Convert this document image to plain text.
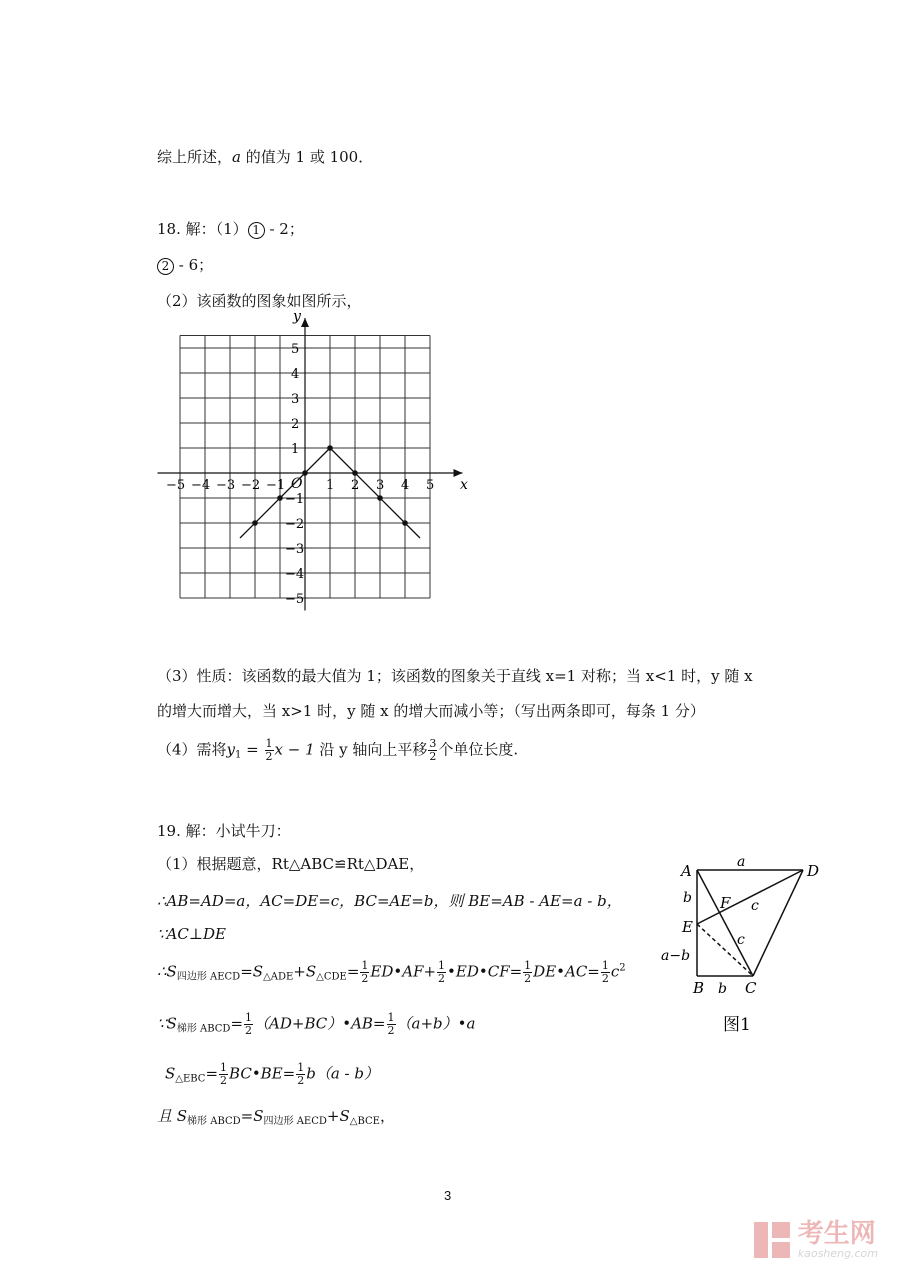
综上所述，a 的值为 1 或 100．
18. 解：（1） 1 - 2；
2 - 6；
（2）该函数的图象如图所示，
x
y
O
−5 −4 −3 −2 −1	1 2 3 4 5
5
4
3
2
1
−1
−2
−3
−4
−5
（3）性质：该函数的最大值为 1；该函数的图象关于直线 x=1 对称；当 x<1 时，y 随 x
的增大而增大，当 x>1 时，y 随 x 的增大而减小等；（写出两条即可，每条 1 分）
（4）需将$y_1 = \frac{1}{2}$ x − 1 沿 y 轴向上平移 $\frac{3}{2}$ 个单位长度.
19. 解：小试牛刀：
（1）根据题意，Rt△ABC≌Rt△DAE，
∴AB=AD=a，AC=DE=c，BC=AE=b，则 BE=AB - AE=a - b，
∵AC⊥DE
$\therefore S_{四边形 AECD}=S_{\triangle ADE}+S_{\triangle CDE}= \frac{1}{2}$ ED•AF+ $\frac{1}{2}$ •ED•CF= $\frac{1}{2}$ DE•AC= $\frac{1}{2} c^2$
$\because S_{梯形 ABCD}= \frac{1}{2}$ （AD+BC）•AB= $\frac{1}{2}$ （a+b）•a
$S_{\triangle EBC}= \frac{1}{2}$ BC•BE= $\frac{1}{2} b(a - b)$
且 $S_{梯形 ABCD}=S_{四边形 AECD}+S_{\triangle BCE}$，
A	D
E
F
B	C
a
b
b
c
c
a−b
图1
3
考生网
kaosheng.com
